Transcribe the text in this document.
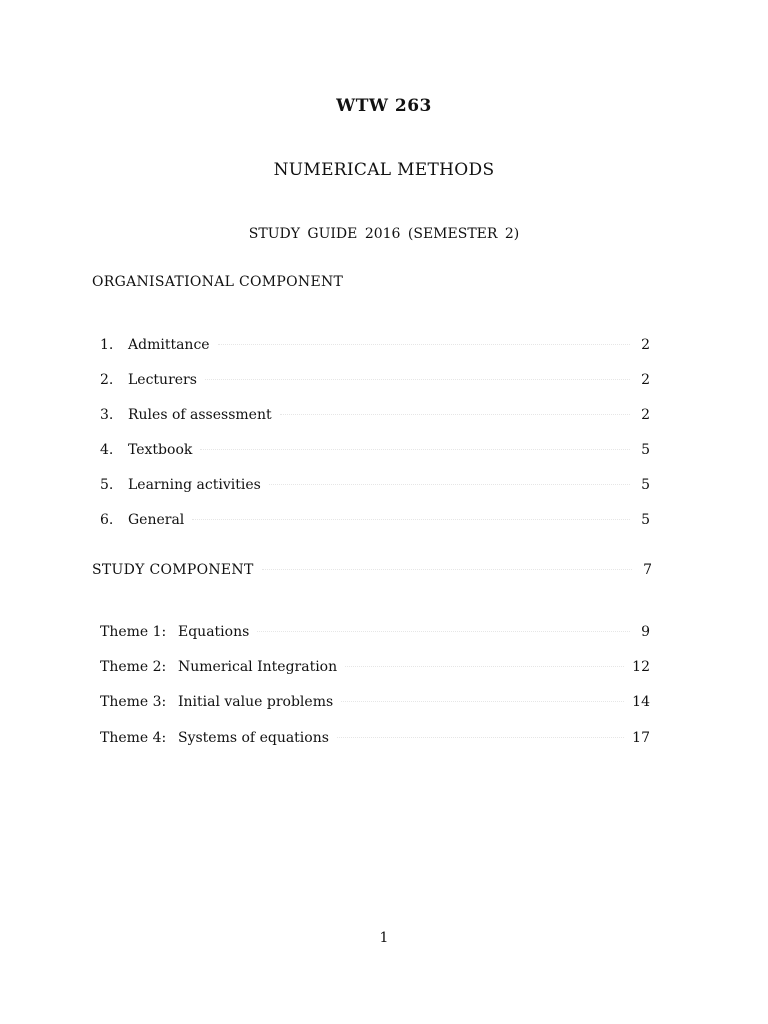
WTW 263
NUMERICAL METHODS
STUDY GUIDE 2016 (SEMESTER 2)
ORGANISATIONAL COMPONENT
1.	Admittance	2
2.	Lecturers	2
3.	Rules of assessment	2
4.	Textbook	5
5.	Learning activities	5
6.	General	5
STUDY COMPONENT	7
Theme 1: Equations	9
Theme 2: Numerical Integration	12
Theme 3: Initial value problems	14
Theme 4: Systems of equations	17
1
